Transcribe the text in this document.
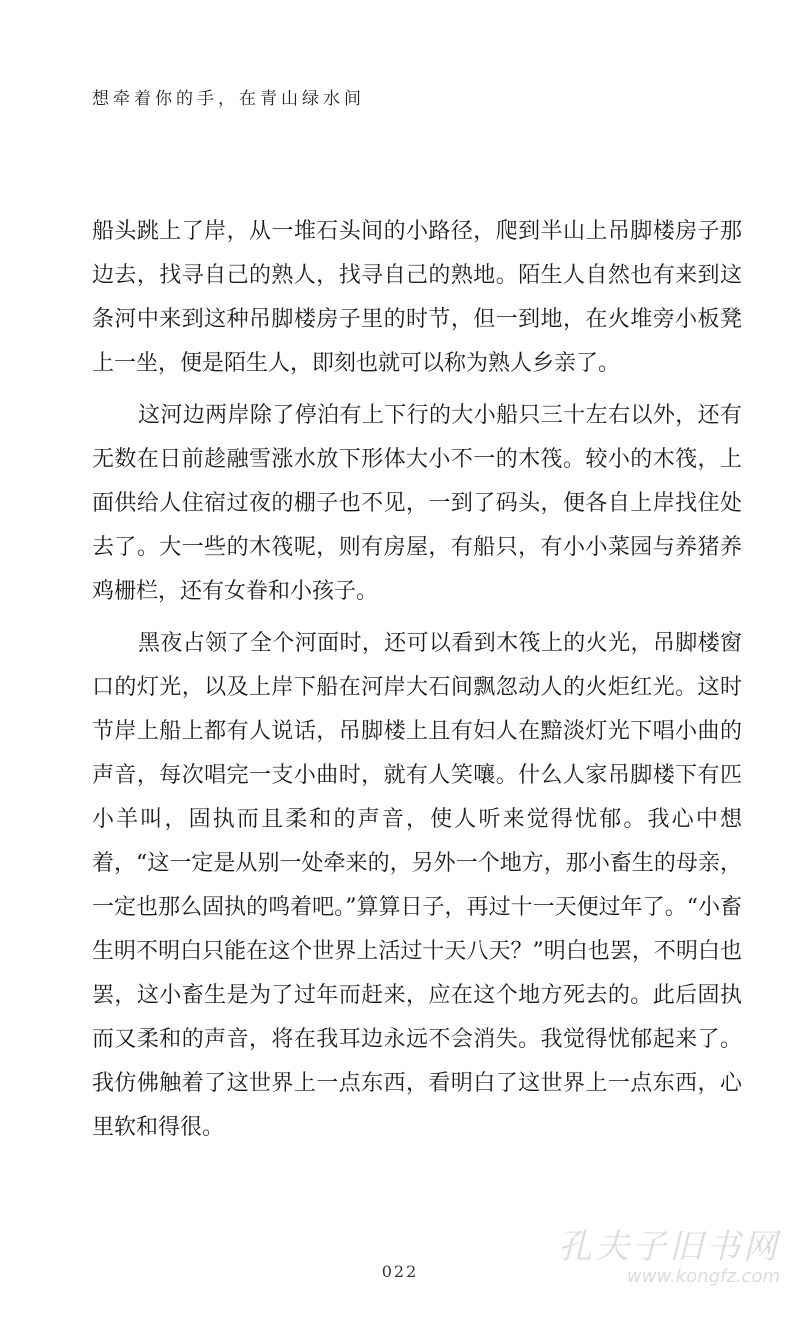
想牵着你的手，在青山绿水间

船头跳上了岸，从一堆石头间的小路径，爬到半山上吊脚楼房子那边去，找寻自己的熟人，找寻自己的熟地。陌生人自然也有来到这条河中来到这种吊脚楼房子里的时节，但一到地，在火堆旁小板凳上一坐，便是陌生人，即刻也就可以称为熟人乡亲了。

这河边两岸除了停泊有上下行的大小船只三十左右以外，还有无数在日前趁融雪涨水放下形体大小不一的木筏。较小的木筏，上面供给人住宿过夜的棚子也不见，一到了码头，便各自上岸找住处去了。大一些的木筏呢，则有房屋，有船只，有小小菜园与养猪养鸡栅栏，还有女眷和小孩子。

黑夜占领了全个河面时，还可以看到木筏上的火光，吊脚楼窗口的灯光，以及上岸下船在河岸大石间飘忽动人的火炬红光。这时节岸上船上都有人说话，吊脚楼上且有妇人在黯淡灯光下唱小曲的声音，每次唱完一支小曲时，就有人笑嚷。什么人家吊脚楼下有匹小羊叫，固执而且柔和的声音，使人听来觉得忧郁。我心中想着，“这一定是从别一处牵来的，另外一个地方，那小畜生的母亲，一定也那么固执的鸣着吧。”算算日子，再过十一天便过年了。“小畜生明不明白只能在这个世界上活过十天八天？”明白也罢，不明白也罢，这小畜生是为了过年而赶来，应在这个地方死去的。此后固执而又柔和的声音，将在我耳边永远不会消失。我觉得忧郁起来了。我仿佛触着了这世界上一点东西，看明白了这世界上一点东西，心里软和得很。

022
孔夫子旧书网
www.kongfz.com
